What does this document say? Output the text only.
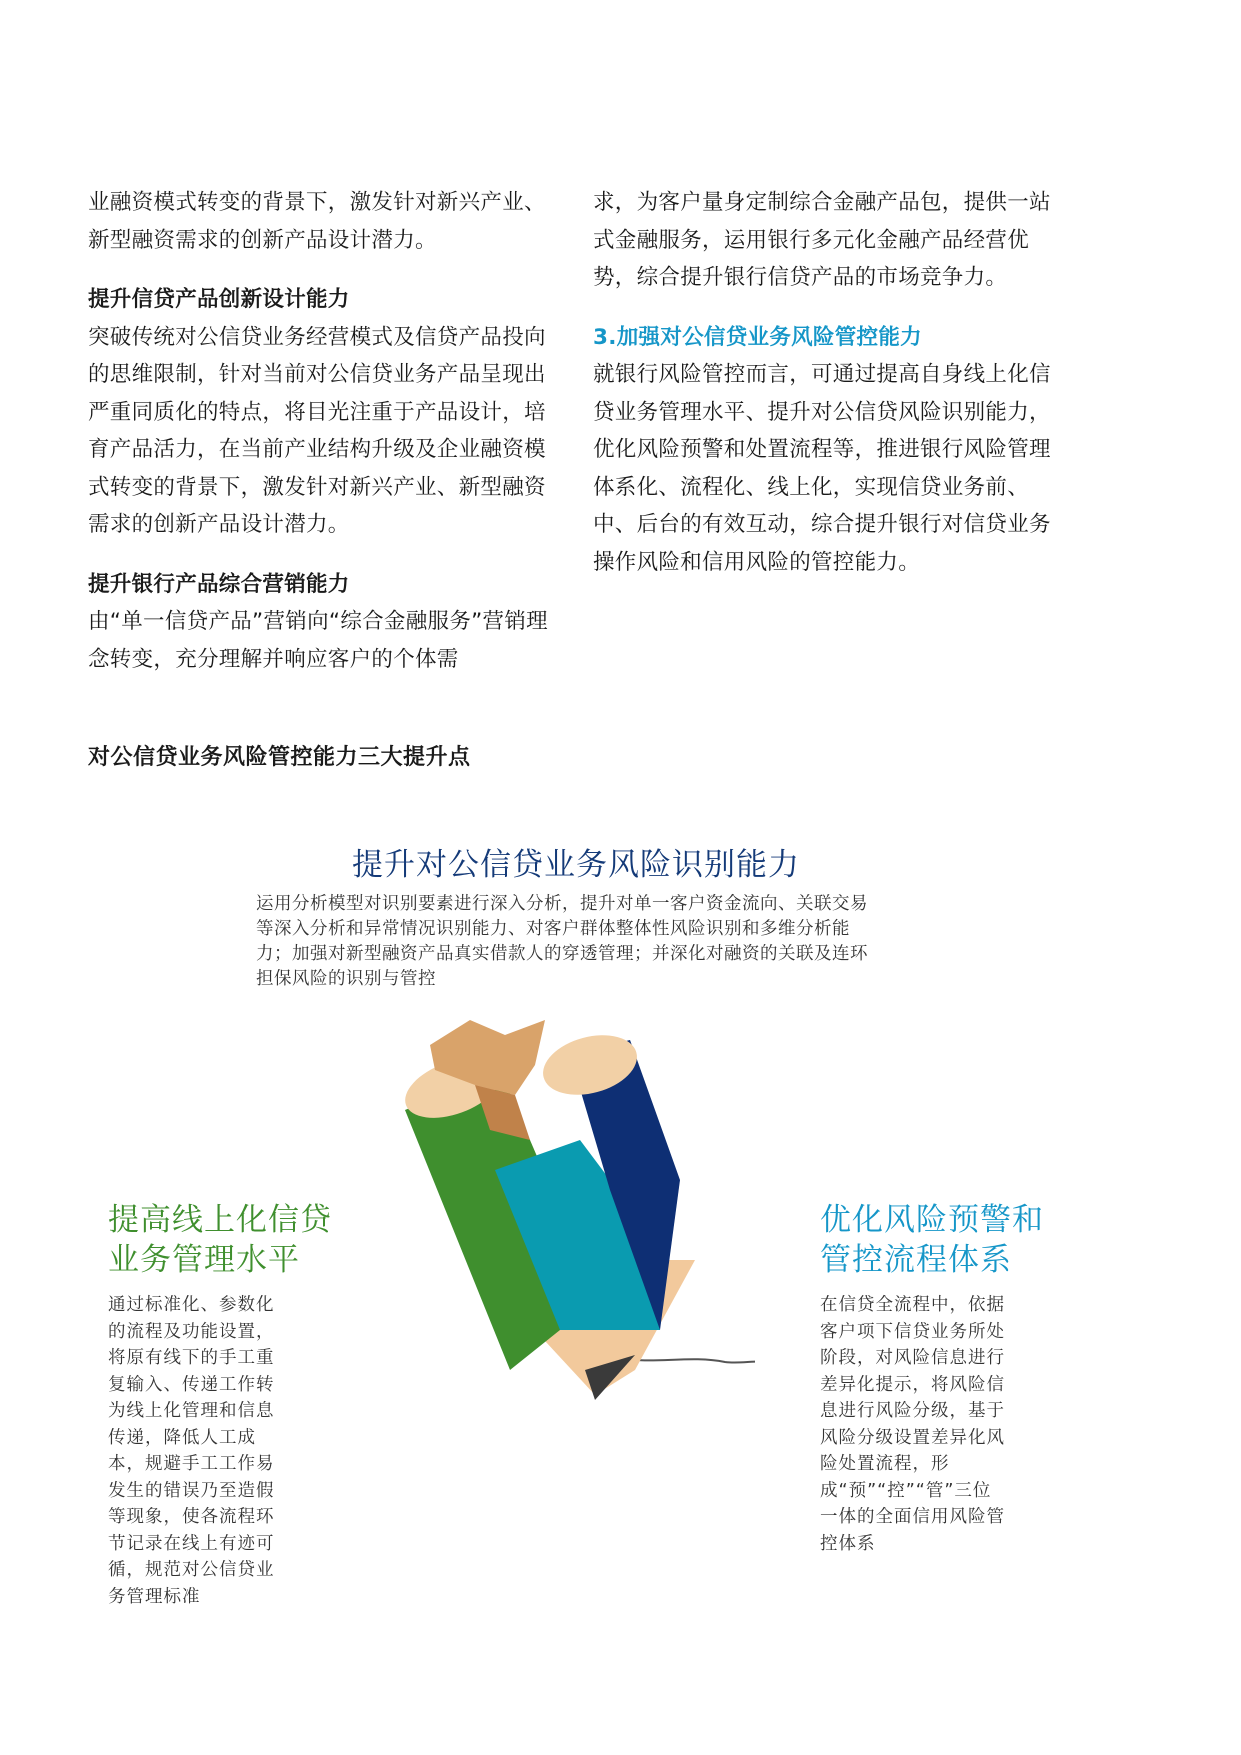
业融资模式转变的背景下，激发针对新兴产业、新型融资需求的创新产品设计潜力。

提升信贷产品创新设计能力

突破传统对公信贷业务经营模式及信贷产品投向的思维限制，针对当前对公信贷业务产品呈现出严重同质化的特点，将目光注重于产品设计，培育产品活力，在当前产业结构升级及企业融资模式转变的背景下，激发针对新兴产业、新型融资需求的创新产品设计潜力。

提升银行产品综合营销能力

由“单一信贷产品”营销向“综合金融服务”营销理念转变，充分理解并响应客户的个体需

求，为客户量身定制综合金融产品包，提供一站式金融服务，运用银行多元化金融产品经营优势，综合提升银行信贷产品的市场竞争力。

3.加强对公信贷业务风险管控能力

就银行风险管控而言，可通过提高自身线上化信贷业务管理水平、提升对公信贷风险识别能力，优化风险预警和处置流程等，推进银行风险管理体系化、流程化、线上化，实现信贷业务前、中、后台的有效互动，综合提升银行对信贷业务操作风险和信用风险的管控能力。

对公信贷业务风险管控能力三大提升点
提升对公信贷业务风险识别能力

运用分析模型对识别要素进行深入分析，提升对单一客户资金流向、关联交易等深入分析和异常情况识别能力、对客户群体整体性风险识别和多维分析能力；加强对新型融资产品真实借款人的穿透管理；并深化对融资的关联及连环担保风险的识别与管控

提高线上化信贷
业务管理水平

通过标准化、参数化的流程及功能设置，将原有线下的手工重复输入、传递工作转为线上化管理和信息传递，降低人工成本，规避手工工作易发生的错误乃至造假等现象，使各流程环节记录在线上有迹可循，规范对公信贷业务管理标准

优化风险预警和
管控流程体系

在信贷全流程中，依据客户项下信贷业务所处阶段，对风险信息进行差异化提示，将风险信息进行风险分级，基于风险分级设置差异化风险处置流程，形成“预”“控”“管”三位一体的全面信用风险管控体系
